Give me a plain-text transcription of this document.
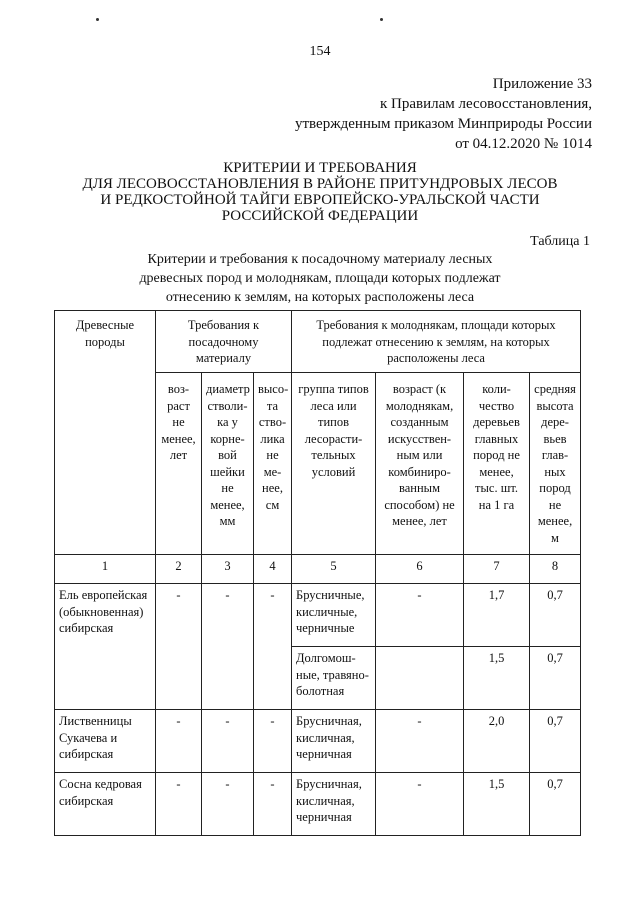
154
Приложение 33
к Правилам лесовосстановления,
утвержденным приказом Минприроды России
от 04.12.2020 № 1014
КРИТЕРИИ И ТРЕБОВАНИЯ
ДЛЯ ЛЕСОВОССТАНОВЛЕНИЯ В РАЙОНЕ ПРИТУНДРОВЫХ ЛЕСОВ
И РЕДКОСТОЙНОЙ ТАЙГИ ЕВРОПЕЙСКО-УРАЛЬСКОЙ ЧАСТИ
РОССИЙСКОЙ ФЕДЕРАЦИИ
Таблица 1
Критерии и требования к посадочному материалу лесных
древесных пород и молоднякам, площади которых подлежат
отнесению к землям, на которых расположены леса
Древесные породы	Требования к посадочному материалу			Требования к молоднякам, площади которых подлежат отнесению к землям, на которых расположены леса			
	воз-раст не менее, лет	диаметр стволи-ка у корне-вой шейки не менее, мм	высо-та ство-лика не ме-нее, см	группа типов леса или типов лесорасти-тельных условий	возраст (к молоднякам, созданным искусствен-ным или комбиниро-ванным способом) не менее, лет	коли-чество деревьев главных пород не менее, тыс. шт. на 1 га	средняя высота дере-вьев глав-ных пород не менее, м
1	2	3	4	5	6	7	8
Ель европейская (обыкновенная) сибирская	-	-	-	Брусничные, кисличные, черничные	-	1,7	0,7
				Долгомош-ные, травяно-болотная		1,5	0,7
Лиственницы Сукачева и сибирская	-	-	-	Брусничная, кисличная, черничная	-	2,0	0,7
Сосна кедровая сибирская	-	-	-	Брусничная, кисличная, черничная	-	1,5	0,7
